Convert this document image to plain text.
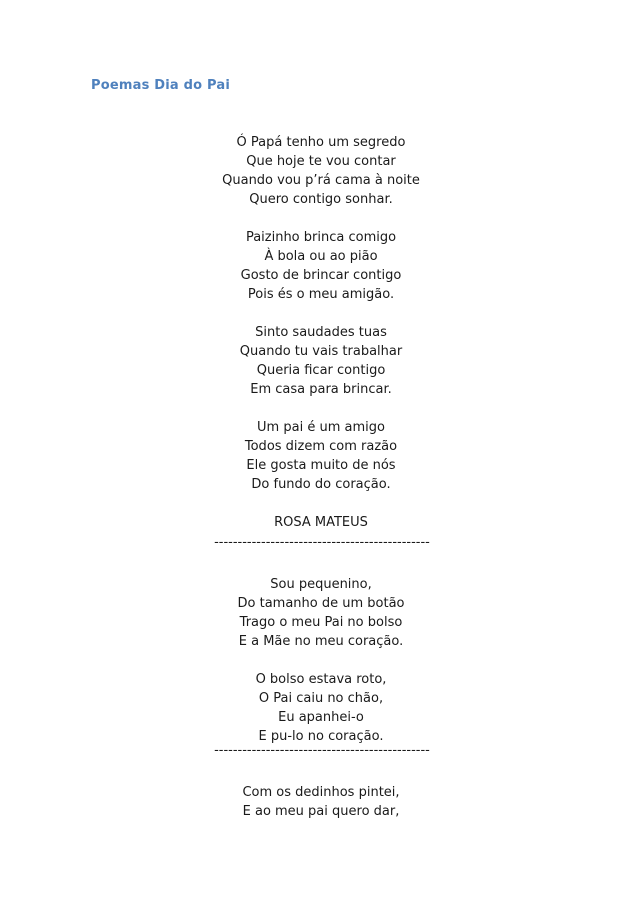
Poemas Dia do Pai
Ó Papá tenho um segredo
Que hoje te vou contar
Quando vou p’rá cama à noite
Quero contigo sonhar.
Paizinho brinca comigo
À bola ou ao pião
Gosto de brincar contigo
Pois és o meu amigão.
Sinto saudades tuas
Quando tu vais trabalhar
Queria ficar contigo
Em casa para brincar.
Um pai é um amigo
Todos dizem com razão
Ele gosta muito de nós
Do fundo do coração.
ROSA MATEUS
----------------------------------------------
Sou pequenino,
Do tamanho de um botão
Trago o meu Pai no bolso
E a Mãe no meu coração.
O bolso estava roto,
O Pai caiu no chão,
Eu apanhei-o
E pu-lo no coração.
----------------------------------------------
Com os dedinhos pintei,
E ao meu pai quero dar,
